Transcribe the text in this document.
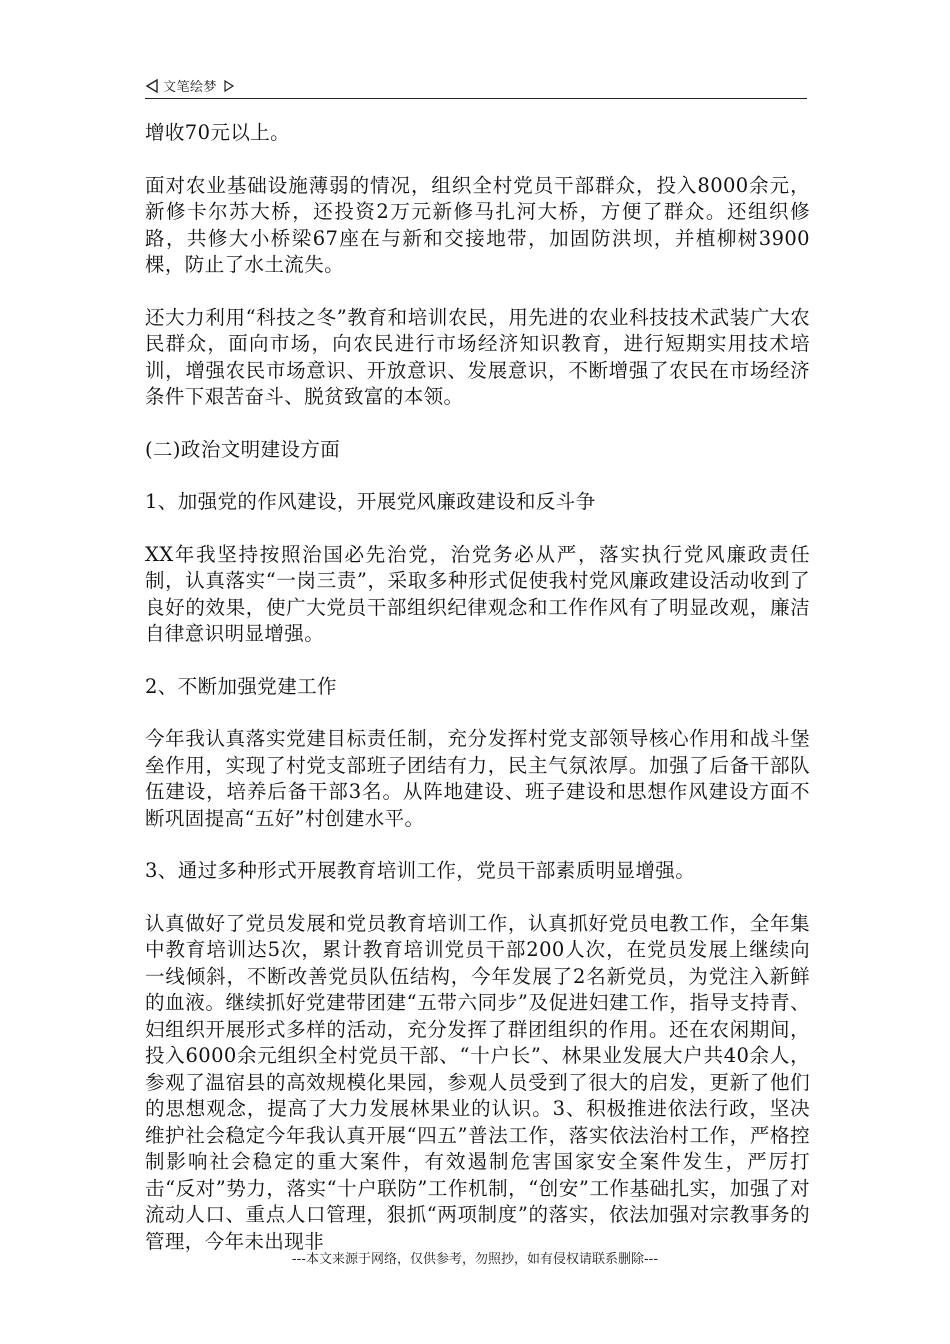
文笔绘梦

增收70元以上。

面对农业基础设施薄弱的情况，组织全村党员干部群众，投入8000余元，新修卡尔苏大桥，还投资2万元新修马扎河大桥，方便了群众。还组织修路，共修大小桥梁67座在与新和交接地带，加固防洪坝，并植柳树3900棵，防止了水土流失。

还大力利用“科技之冬”教育和培训农民，用先进的农业科技技术武装广大农民群众，面向市场，向农民进行市场经济知识教育，进行短期实用技术培训，增强农民市场意识、开放意识、发展意识，不断增强了农民在市场经济条件下艰苦奋斗、脱贫致富的本领。

(二)政治文明建设方面

1、加强党的作风建设，开展党风廉政建设和反斗争

XX年我坚持按照治国必先治党，治党务必从严，落实执行党风廉政责任制，认真落实“一岗三责”，采取多种形式促使我村党风廉政建设活动收到了良好的效果，使广大党员干部组织纪律观念和工作作风有了明显改观，廉洁自律意识明显增强。

2、不断加强党建工作

今年我认真落实党建目标责任制，充分发挥村党支部领导核心作用和战斗堡垒作用，实现了村党支部班子团结有力，民主气氛浓厚。加强了后备干部队伍建设，培养后备干部3名。从阵地建设、班子建设和思想作风建设方面不断巩固提高“五好”村创建水平。

3、通过多种形式开展教育培训工作，党员干部素质明显增强。

认真做好了党员发展和党员教育培训工作，认真抓好党员电教工作，全年集中教育培训达5次，累计教育培训党员干部200人次，在党员发展上继续向一线倾斜，不断改善党员队伍结构，今年发展了2名新党员，为党注入新鲜的血液。继续抓好党建带团建“五带六同步”及促进妇建工作，指导支持青、妇组织开展形式多样的活动，充分发挥了群团组织的作用。还在农闲期间，投入6000余元组织全村党员干部、“十户长”、林果业发展大户共40余人，参观了温宿县的高效规模化果园，参观人员受到了很大的启发，更新了他们的思想观念，提高了大力发展林果业的认识。3、积极推进依法行政，坚决维护社会稳定今年我认真开展“四五”普法工作，落实依法治村工作，严格控制影响社会稳定的重大案件，有效遏制危害国家安全案件发生，严厉打击“反对”势力，落实“十户联防”工作机制，“创安”工作基础扎实，加强了对流动人口、重点人口管理，狠抓“两项制度”的落实，依法加强对宗教事务的管理，今年未出现非

---本文来源于网络，仅供参考，勿照抄，如有侵权请联系删除---
